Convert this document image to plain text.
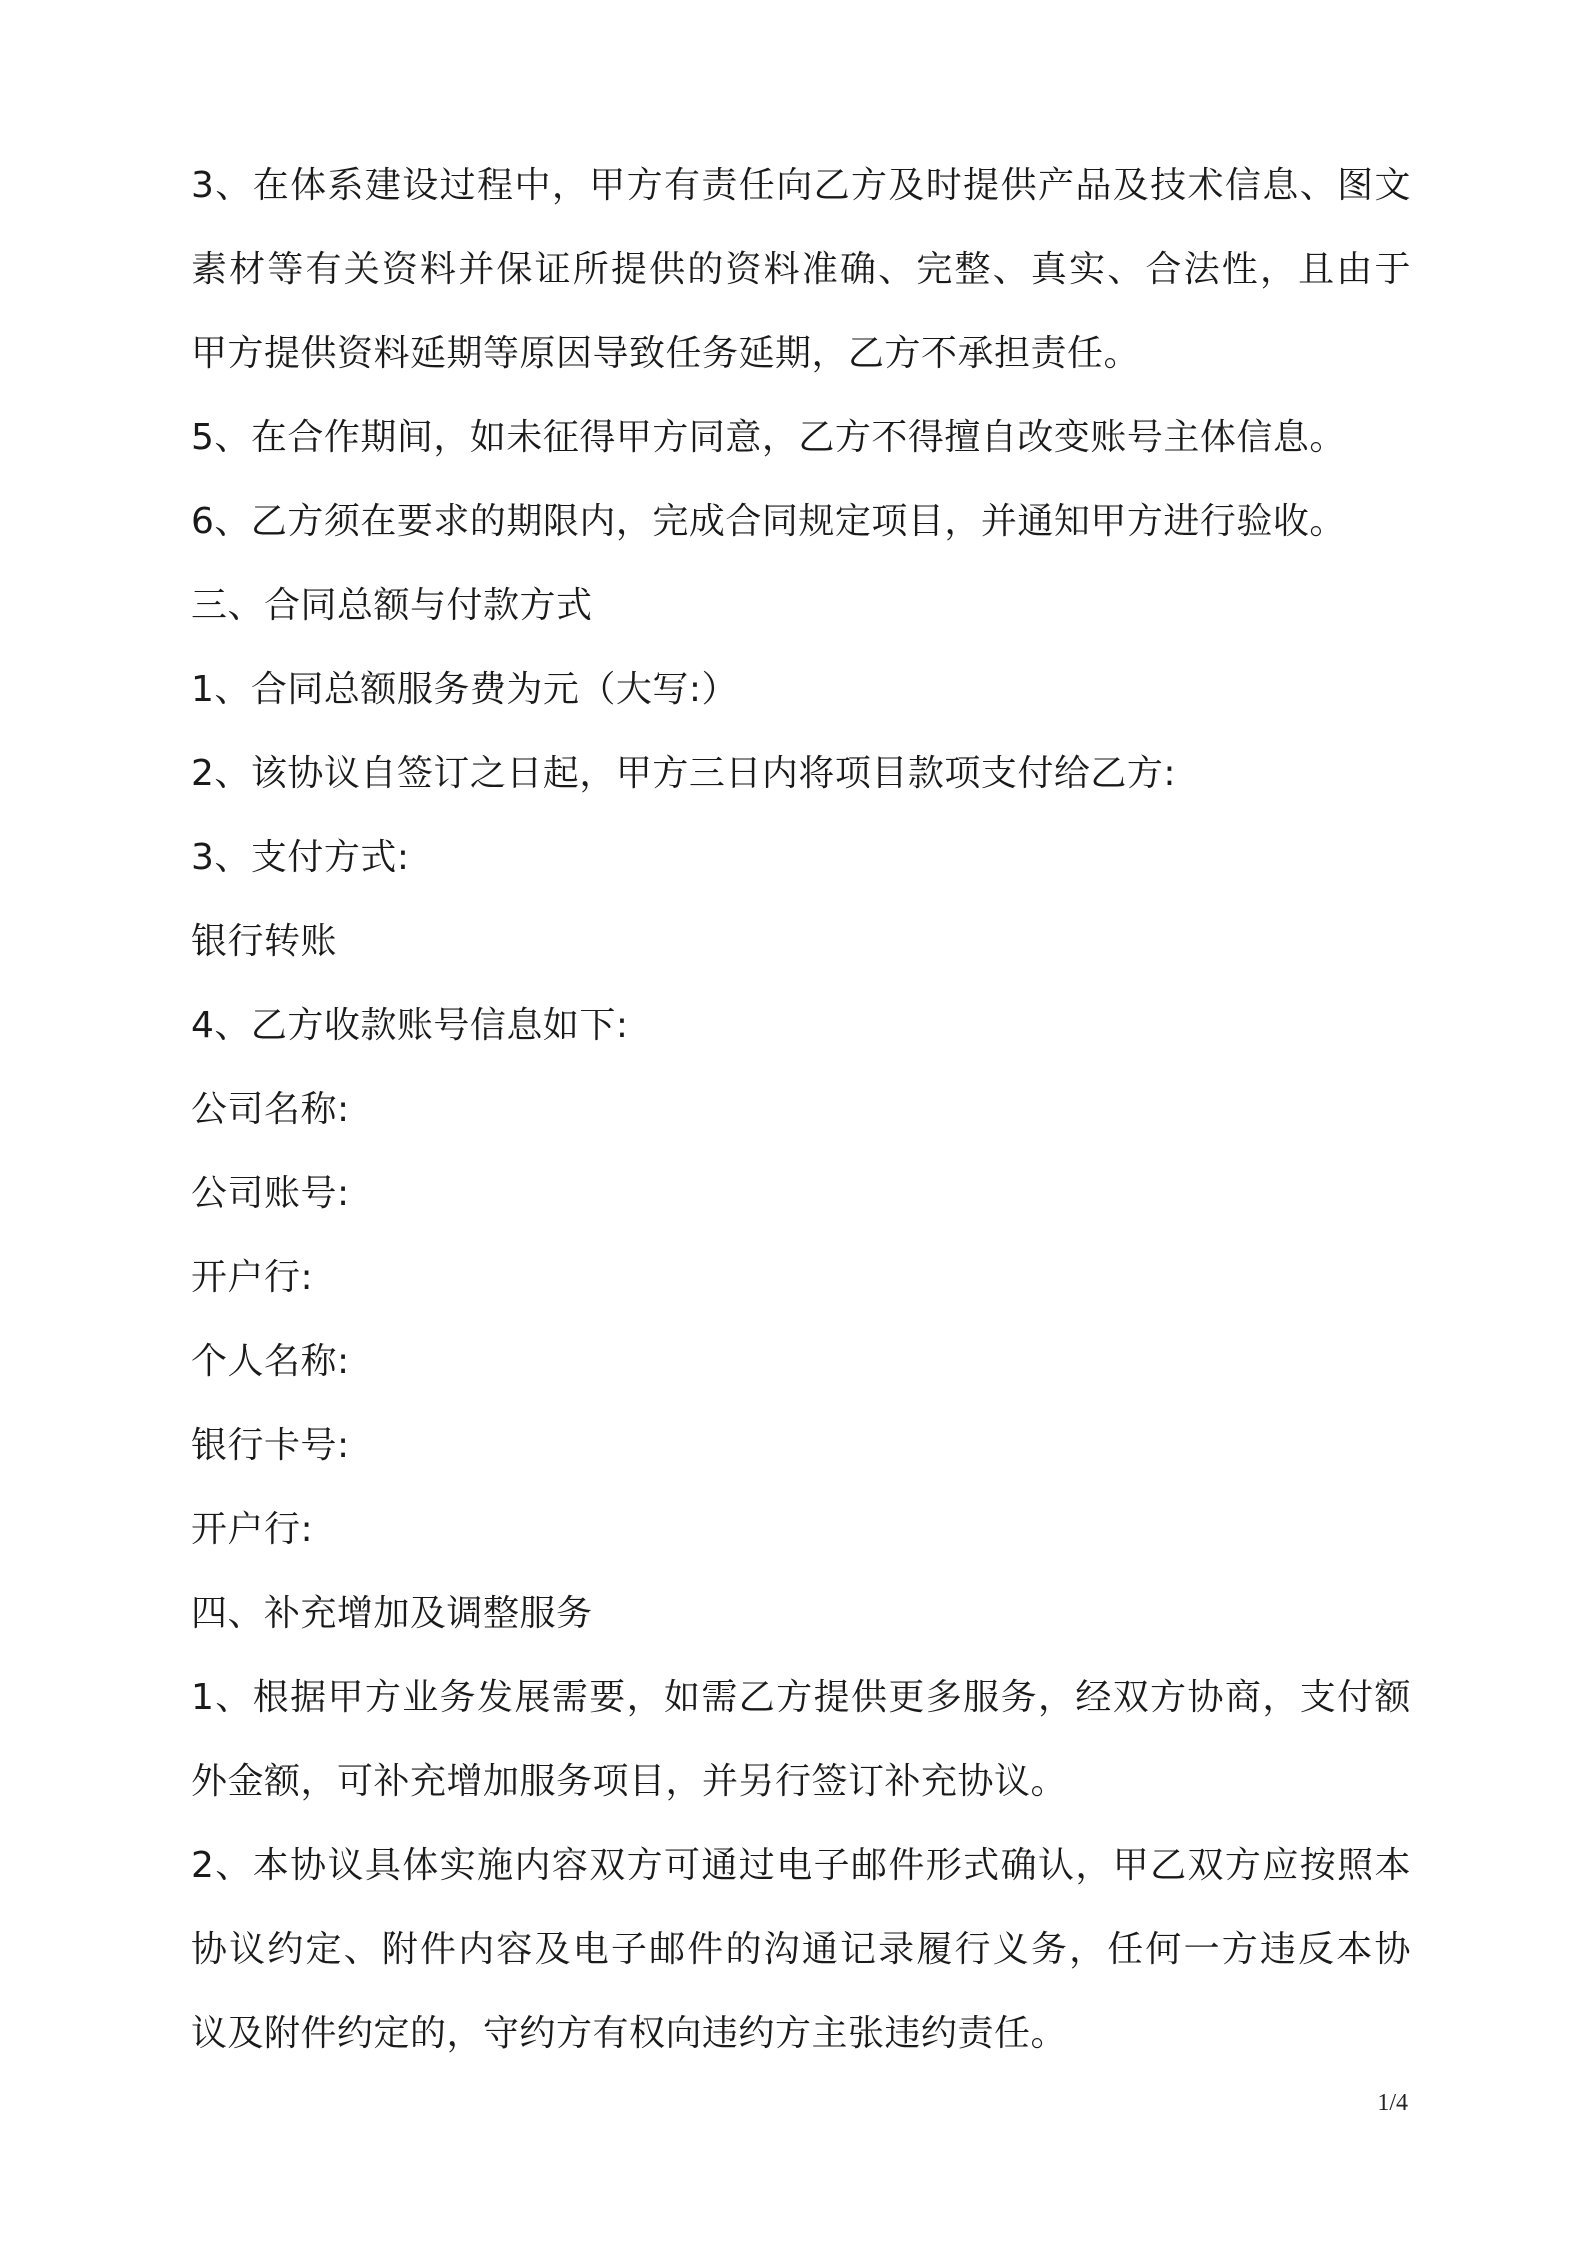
3、在体系建设过程中，甲方有责任向乙方及时提供产品及技术信息、图文
素材等有关资料并保证所提供的资料准确、完整、真实、合法性，且由于
甲方提供资料延期等原因导致任务延期，乙方不承担责任。
5、在合作期间，如未征得甲方同意，乙方不得擅自改变账号主体信息。
6、乙方须在要求的期限内，完成合同规定项目，并通知甲方进行验收。
三、合同总额与付款方式
1、合同总额服务费为元（大写:）
2、该协议自签订之日起，甲方三日内将项目款项支付给乙方:
3、支付方式:
银行转账
4、乙方收款账号信息如下:
公司名称:
公司账号:
开户行:
个人名称:
银行卡号:
开户行:
四、补充增加及调整服务
1、根据甲方业务发展需要，如需乙方提供更多服务，经双方协商，支付额
外金额，可补充增加服务项目，并另行签订补充协议。
2、本协议具体实施内容双方可通过电子邮件形式确认，甲乙双方应按照本
协议约定、附件内容及电子邮件的沟通记录履行义务，任何一方违反本协
议及附件约定的，守约方有权向违约方主张违约责任。
1/4
